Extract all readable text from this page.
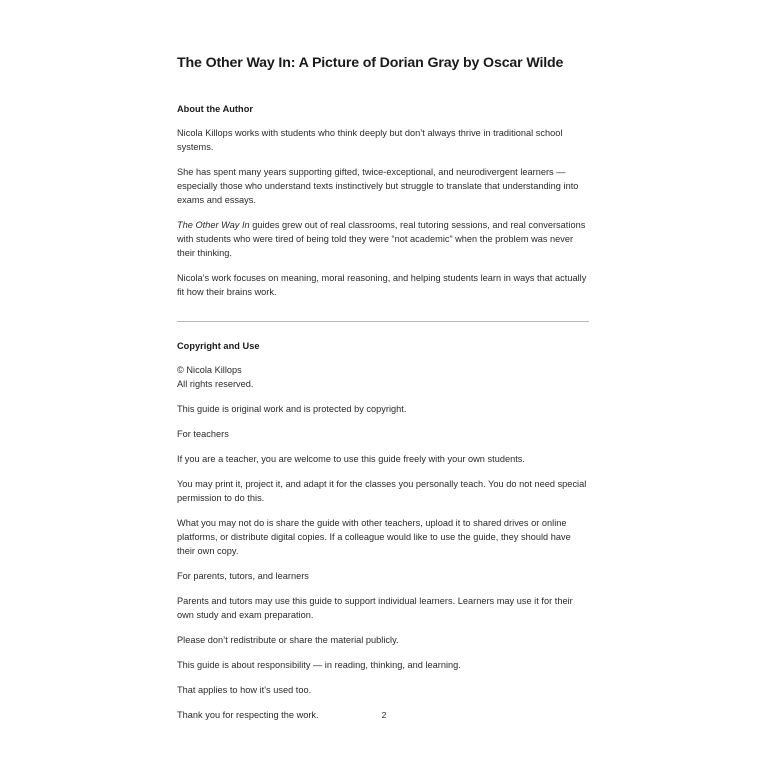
The Other Way In: A Picture of Dorian Gray by Oscar Wilde
About the Author

Nicola Killops works with students who think deeply but don’t always thrive in traditional school systems.

She has spent many years supporting gifted, twice-exceptional, and neurodivergent learners — especially those who understand texts instinctively but struggle to translate that understanding into exams and essays.

The Other Way In guides grew out of real classrooms, real tutoring sessions, and real conversations with students who were tired of being told they were “not academic” when the problem was never their thinking.

Nicola’s work focuses on meaning, moral reasoning, and helping students learn in ways that actually fit how their brains work.

Copyright and Use

© Nicola Killops
All rights reserved.

This guide is original work and is protected by copyright.

For teachers

If you are a teacher, you are welcome to use this guide freely with your own students.

You may print it, project it, and adapt it for the classes you personally teach. You do not need special permission to do this.

What you may not do is share the guide with other teachers, upload it to shared drives or online platforms, or distribute digital copies. If a colleague would like to use the guide, they should have their own copy.

For parents, tutors, and learners

Parents and tutors may use this guide to support individual learners. Learners may use it for their own study and exam preparation.

Please don’t redistribute or share the material publicly.

This guide is about responsibility — in reading, thinking, and learning.

That applies to how it's used too.

Thank you for respecting the work.	2
